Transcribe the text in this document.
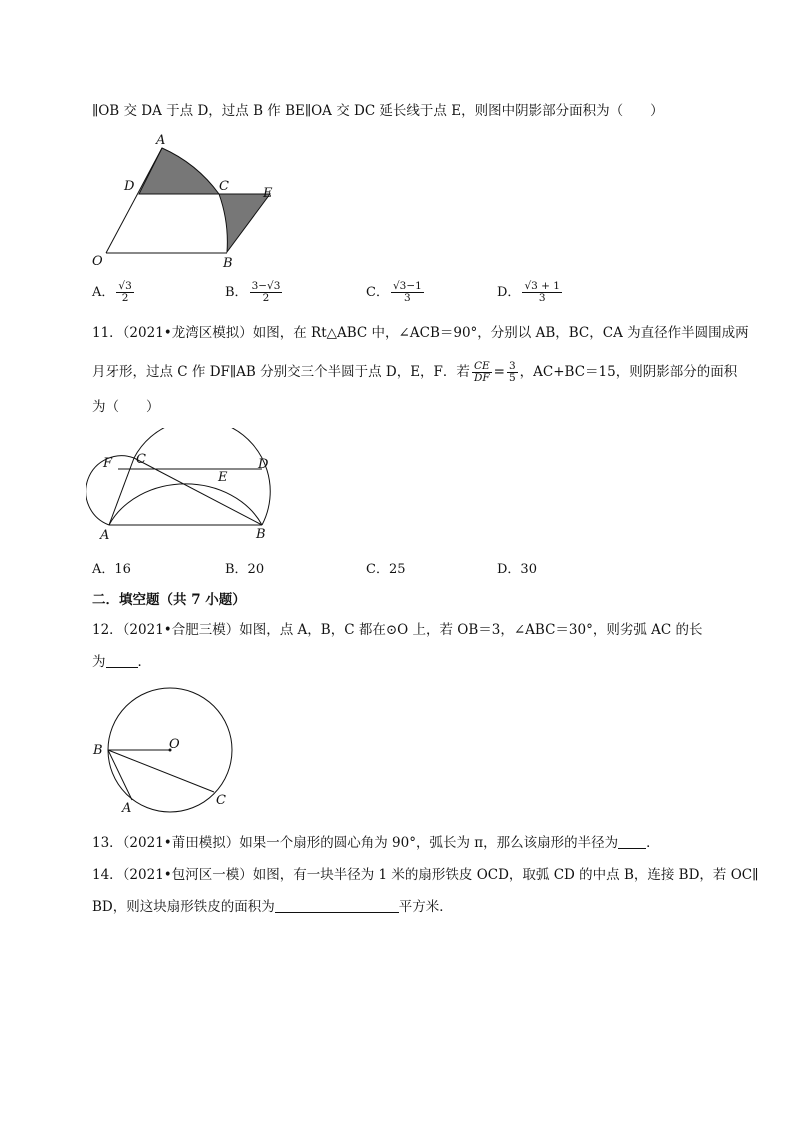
∥OB 交 DA 于点 D，过点 B 作 BE∥OA 交 DC 延长线于点 E，则图中阴影部分面积为（　　）
A
D	C	E
O	B
A． $\frac{√3}{2}$	B． $\frac{3-√3}{2}$	C． $\frac{√3-1}{3}$	D． $\frac{√3 + 1}{3}$
11．（2021•龙湾区模拟）如图，在 Rt△ABC 中，∠ACB＝90°，分别以 AB，BC，CA 为直径作半圆围成两
月牙形，过点 C 作 DF∥AB 分别交三个半圆于点 D，E，F．若 $\frac{CE}{DF} = \frac{3}{5}$ ，AC+BC＝15，则阴影部分的面积
为（　　）
F C	D
E
A	B
A．16	B．20	C．25	D．30
二．填空题（共 7 小题）
12．（2021•合肥三模）如图，点 A，B，C 都在⊙O 上，若 OB＝3，∠ABC＝30°，则劣弧 AC 的长
为 ．
B	O
A
C
13．（2021•莆田模拟）如果一个扇形的圆心角为 90°，弧长为 π，那么该扇形的半径为 ．
14．（2021•包河区一模）如图，有一块半径为 1 米的扇形铁皮 OCD，取弧 CD 的中点 B，连接 BD，若 OC∥
BD，则这块扇形铁皮的面积为	平方米．
